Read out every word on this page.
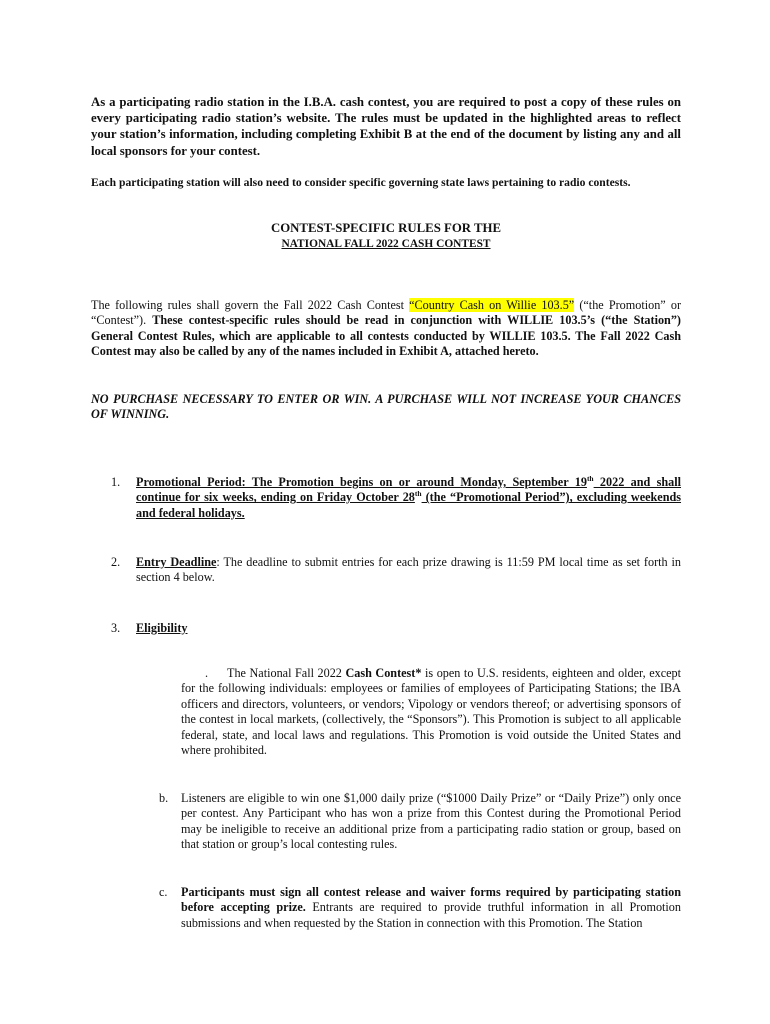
As a participating radio station in the I.B.A. cash contest, you are required to post a copy of these rules on every participating radio station’s website. The rules must be updated in the highlighted areas to reflect your station’s information, including completing Exhibit B at the end of the document by listing any and all local sponsors for your contest.
Each participating station will also need to consider specific governing state laws pertaining to radio contests.
CONTEST-SPECIFIC RULES FOR THE
NATIONAL FALL 2022 CASH CONTEST
The following rules shall govern the Fall 2022 Cash Contest “Country Cash on Willie 103.5” (“the Promotion” or “Contest”). These contest-specific rules should be read in conjunction with WILLIE 103.5’s (“the Station”) General Contest Rules, which are applicable to all contests conducted by WILLIE 103.5. The Fall 2022 Cash Contest may also be called by any of the names included in Exhibit A, attached hereto.
NO PURCHASE NECESSARY TO ENTER OR WIN. A PURCHASE WILL NOT INCREASE YOUR CHANCES OF WINNING.
1. Promotional Period: The Promotion begins on or around Monday, September 19th 2022 and shall continue for six weeks, ending on Friday October 28th (the “Promotional Period”), excluding weekends and federal holidays.
2. Entry Deadline: The deadline to submit entries for each prize drawing is 11:59 PM local time as set forth in section 4 below.
3. Eligibility
.	The National Fall 2022 Cash Contest* is open to U.S. residents, eighteen and older, except for the following individuals: employees or families of employees of Participating Stations; the IBA officers and directors, volunteers, or vendors; Vipology or vendors thereof; or advertising sponsors of the contest in local markets, (collectively, the “Sponsors”). This Promotion is subject to all applicable federal, state, and local laws and regulations. This Promotion is void outside the United States and where prohibited.
b. Listeners are eligible to win one $1,000 daily prize (“$1000 Daily Prize” or “Daily Prize”) only once per contest. Any Participant who has won a prize from this Contest during the Promotional Period may be ineligible to receive an additional prize from a participating radio station or group, based on that station or group’s local contesting rules.
c. Participants must sign all contest release and waiver forms required by participating station before accepting prize. Entrants are required to provide truthful information in all Promotion submissions and when requested by the Station in connection with this Promotion. The Station
